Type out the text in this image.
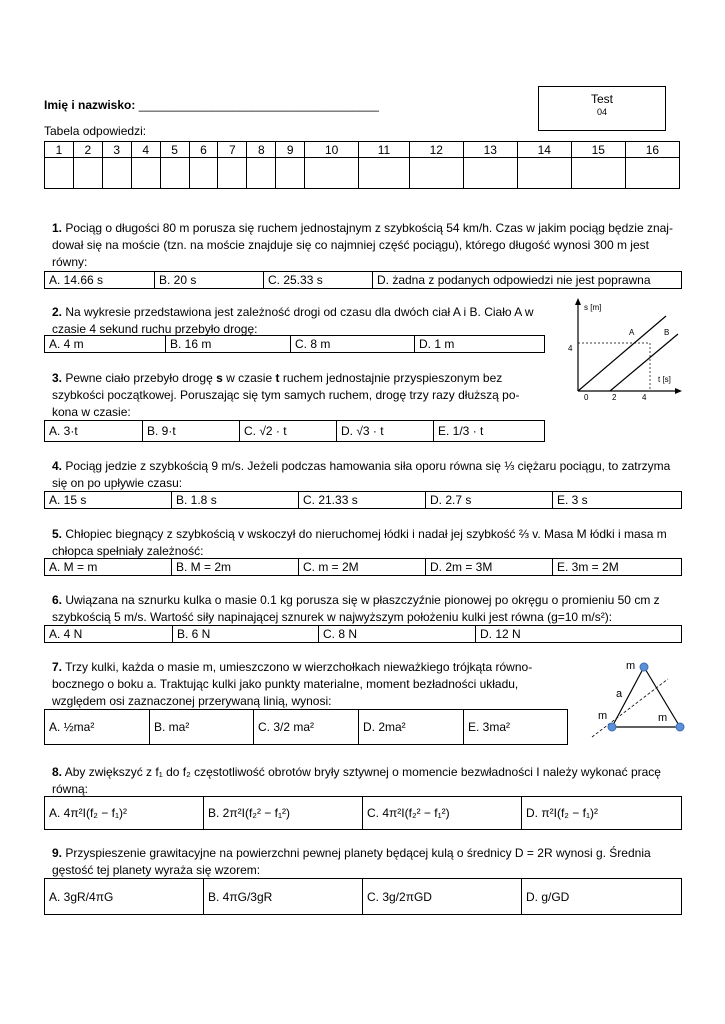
Imię i nazwisko: ____________________________________	Test
04
Tabela odpowiedzi:
1	2	3	4	5	6	7	8	9	10	11	12	13	14	15	16

1. Pociąg o długości 80 m porusza się ruchem jednostajnym z szybkością 54 km/h. Czas w jakim pociąg będzie znaj-dował się na moście (tzn. na moście znajduje się co najmniej część pociągu), którego długość wynosi 300 m jest równy:
A. 14.66 s	B. 20 s	C. 25.33 s	D. żadna z podanych odpowiedzi nie jest poprawna
2. Na wykresie przedstawiona jest zależność drogi od czasu dla dwóch ciał A i B. Ciało A w czasie 4 sekund ruchu przebyło drogę:
A. 4 m	B. 16 m	C. 8 m	D. 1 m
s [m]
t [s]
4
0	2	4
A	B
3. Pewne ciało przebyło drogę s w czasie t ruchem jednostajnie przyspieszonym bez szybkości początkowej. Poruszając się tym samych ruchem, drogę trzy razy dłuższą po-kona w czasie:
A. 3·t	B. 9·t	C. √2 · t	D. √3 · t	E. 1/3 · t
4. Pociąg jedzie z szybkością 9 m/s. Jeżeli podczas hamowania siła oporu równa się ⅓ ciężaru pociągu, to zatrzyma się on po upływie czasu:
A. 15 s	B. 1.8 s	C. 21.33 s	D. 2.7 s	E. 3 s
5. Chłopiec biegnący z szybkością v wskoczył do nieruchomej łódki i nadał jej szybkość ⅔ v. Masa M łódki i masa m chłopca spełniały zależność:
A. M = m	B. M = 2m	C. m = 2M	D. 2m = 3M	E. 3m = 2M
6. Uwiązana na sznurku kulka o masie 0.1 kg porusza się w płaszczyźnie pionowej po okręgu o promieniu 50 cm z szybkością 5 m/s. Wartość siły napinającej sznurek w najwyższym położeniu kulki jest równa (g=10 m/s²):
A. 4 N	B. 6 N	C. 8 N	D. 12 N
7. Trzy kulki, każda o masie m, umieszczono w wierzchołkach nieważkiego trójkąta równo-bocznego o boku a. Traktując kulki jako punkty materialne, moment bezładności układu, względem osi zaznaczonej przerywaną linią, wynosi:
A. ½ma²	B. ma²	C. 3/2 ma²	D. 2ma²	E. 3ma²
m
m	m
a
8. Aby zwiększyć z f₁ do f₂ częstotliwość obrotów bryły sztywnej o momencie bezwładności I należy wykonać pracę równą:
A. 4π²I(f₂ − f₁)²	B. 2π²I(f₂² − f₁²)	C. 4π²I(f₂² − f₁²)	D. π²I(f₂ − f₁)²
9. Przyspieszenie grawitacyjne na powierzchni pewnej planety będącej kulą o średnicy D = 2R wynosi g. Średnia gęstość tej planety wyraża się wzorem:
A. 3gR/4πG	B. 4πG/3gR	C. 3g/2πGD	D. g/GD
